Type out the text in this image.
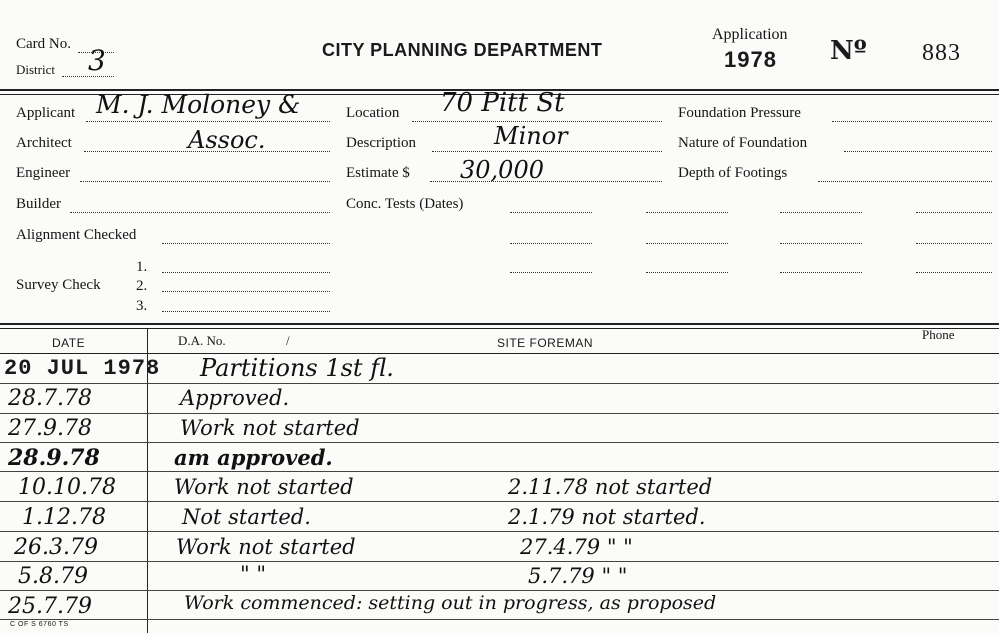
Card No.
District 3	CITY PLANNING DEPARTMENT
Application
1978 Nº 883
Applicant M. J. Moloney &
Architect	Assoc.
Engineer
Builder
Alignment Checked
Survey Check
1.
2.
3.
Location 70 Pitt St
Description	Minor
Estimate $ 30,000
Conc. Tests (Dates)
Foundation Pressure
Nature of Foundation
Depth of Footings
DATE	D.A. No.	/	SITE FOREMAN
Phone
20 JUL 1978 Partitions 1st fl.
28.7.78	Approved.
27.9.78	Work not started
28.9.78	am approved.
10.10.78	Work not started	2.11.78 not started
1.12.78	Not started.	2.1.79 not started.
26.3.79	Work not started	27.4.79 " "
5.8.79	" "	5.7.79 " "
25.7.79	Work commenced: setting out in progress, as proposed
C OF S 6760 TS
